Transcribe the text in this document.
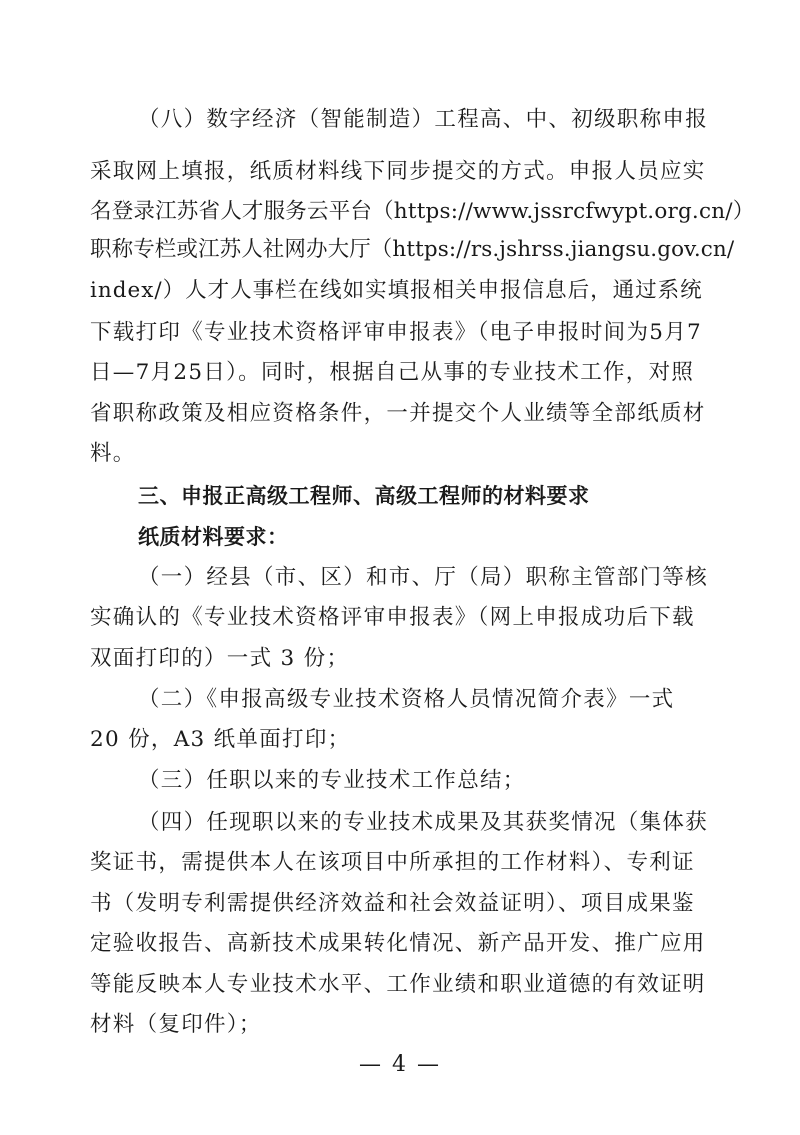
（八）数字经济（智能制造）工程高、中、初级职称申报
采取网上填报，纸质材料线下同步提交的方式。申报人员应实
名登录江苏省人才服务云平台（https://www.jssrcfwypt.org.cn/）
职称专栏或江苏人社网办大厅（https://rs.jshrss.jiangsu.gov.cn/
index/）人才人事栏在线如实填报相关申报信息后，通过系统
下载打印《专业技术资格评审申报表》（电子申报时间为5月7
日—7月25日）。同时，根据自己从事的专业技术工作，对照
省职称政策及相应资格条件，一并提交个人业绩等全部纸质材
料。
三、申报正高级工程师、高级工程师的材料要求
纸质材料要求：
（一）经县（市、区）和市、厅（局）职称主管部门等核
实确认的《专业技术资格评审申报表》（网上申报成功后下载
双面打印的）一式 3 份；
（二）《申报高级专业技术资格人员情况简介表》一式
20 份，A3 纸单面打印；
（三）任职以来的专业技术工作总结；
（四）任现职以来的专业技术成果及其获奖情况（集体获
奖证书，需提供本人在该项目中所承担的工作材料）、专利证
书（发明专利需提供经济效益和社会效益证明）、项目成果鉴
定验收报告、高新技术成果转化情况、新产品开发、推广应用
等能反映本人专业技术水平、工作业绩和职业道德的有效证明
材料（复印件）；
— 4 —
